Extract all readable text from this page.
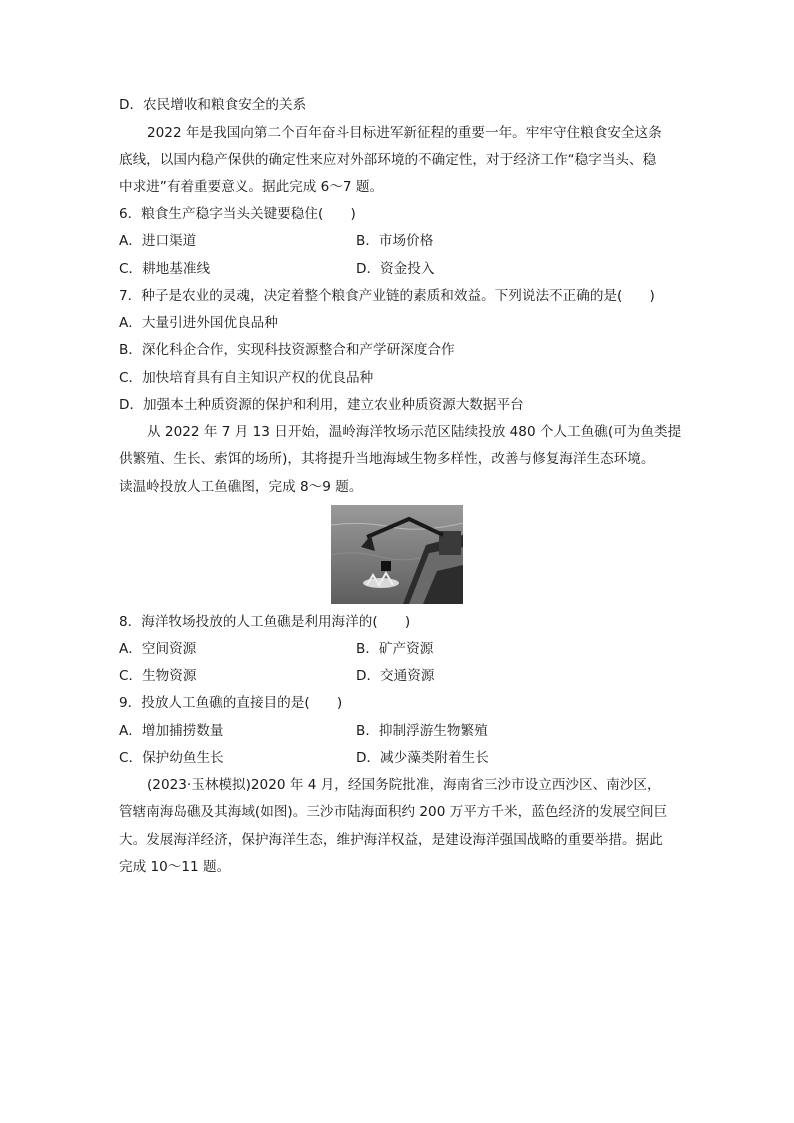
D．农民增收和粮食安全的关系
2022 年是我国向第二个百年奋斗目标进军新征程的重要一年。牢牢守住粮食安全这条
底线，以国内稳产保供的确定性来应对外部环境的不确定性，对于经济工作“稳字当头、稳
中求进”有着重要意义。据此完成 6～7 题。
6．粮食生产稳字当头关键要稳住(　　)
A．进口渠道	B．市场价格
C．耕地基准线	D．资金投入
7．种子是农业的灵魂，决定着整个粮食产业链的素质和效益。下列说法不正确的是(　　)
A．大量引进外国优良品种
B．深化科企合作，实现科技资源整合和产学研深度合作
C．加快培育具有自主知识产权的优良品种
D．加强本土种质资源的保护和利用，建立农业种质资源大数据平台
从 2022 年 7 月 13 日开始，温岭海洋牧场示范区陆续投放 480 个人工鱼礁(可为鱼类提
供繁殖、生长、索饵的场所)，其将提升当地海域生物多样性，改善与修复海洋生态环境。
读温岭投放人工鱼礁图，完成 8～9 题。
8．海洋牧场投放的人工鱼礁是利用海洋的(　　)
A．空间资源	B．矿产资源
C．生物资源	D．交通资源
9．投放人工鱼礁的直接目的是(　　)
A．增加捕捞数量	B．抑制浮游生物繁殖
C．保护幼鱼生长	D．减少藻类附着生长
(2023·玉林模拟)2020 年 4 月，经国务院批准，海南省三沙市设立西沙区、南沙区，
管辖南海岛礁及其海域(如图)。三沙市陆海面积约 200 万平方千米，蓝色经济的发展空间巨
大。发展海洋经济，保护海洋生态，维护海洋权益，是建设海洋强国战略的重要举措。据此
完成 10～11 题。
